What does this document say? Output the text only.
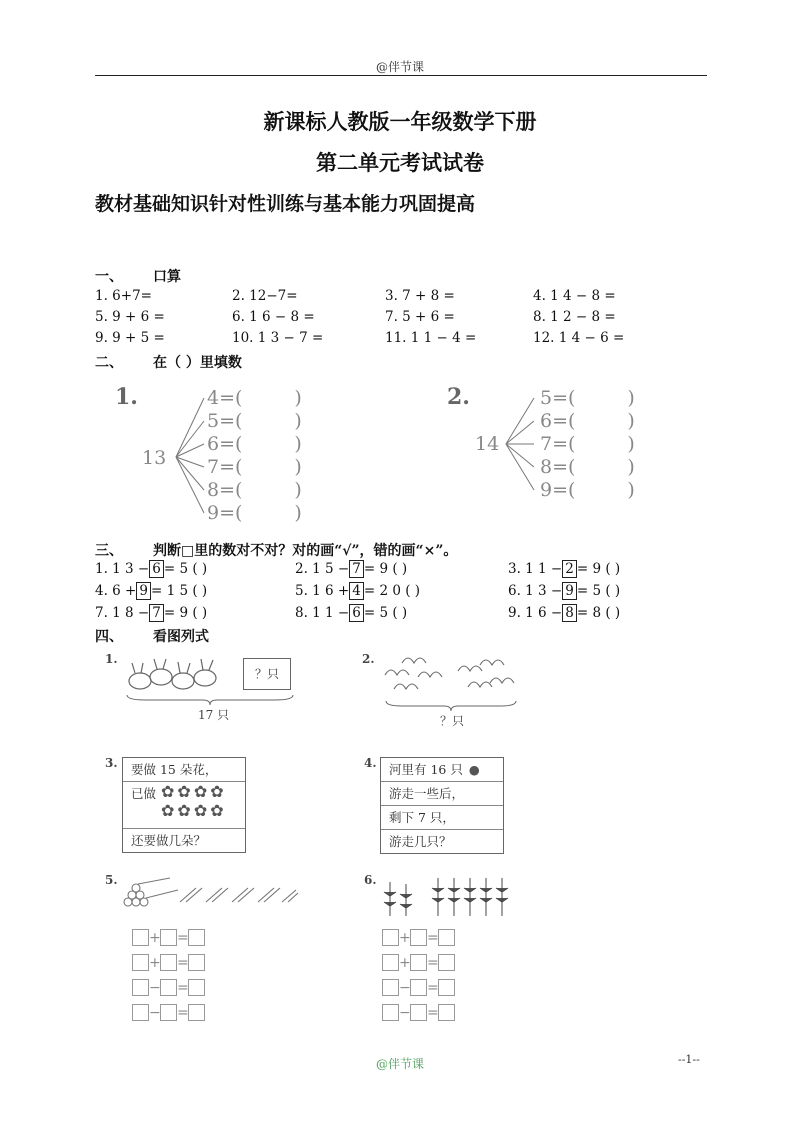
@伴节课
新课标人教版一年级数学下册
第二单元考试试卷
教材基础知识针对性训练与基本能力巩固提高
一、 口算
1. 6+7=	2. 12−7=	3. 7 + 8 =	4. 1 4 − 8 =
5. 9 + 6 =	6. 1 6 − 8 =	7. 5 + 6 =	8. 1 2 − 8 =
9. 9 + 5 =	10. 1 3 − 7 =	11. 1 1 − 4 =	12. 1 4 − 6 =
二、 在（ ）里填数
1.
13
4=(	)
5=(	)
6=(	)
7=(	)
8=(	)
9=(	)
2.
14
5=(	)
6=(	)
7=(	)
8=(	)
9=(	)
三、 判断□里的数对不对？对的画“√”，错的画“×”。
1. 1 3 − 6 = 5 ( )	2. 1 5 − 7 = 9 ( )	3. 1 1 − 2 = 9 ( )
4. 6 + 9 = 1 5 ( )	5. 1 6 + 4 = 2 0 ( )	6. 1 3 − 9 = 5 ( )
7. 1 8 − 7 = 9 ( )	8. 1 1 − 6 = 5 ( )	9. 1 6 − 8 = 8 ( )
四、 看图列式
1.
？只
17 只
2.
？只
3.	要做 15 朵花，
已做 ✿✿✿✿
✿✿✿✿
还要做几朵？
4. 河里有 16 只 ●
游走一些后，
剩下 7 只，
游走几只？
5.
+ =
+ =
− =
− =
6.
+ =
+ =
− =
− =
@伴节课	--1--
